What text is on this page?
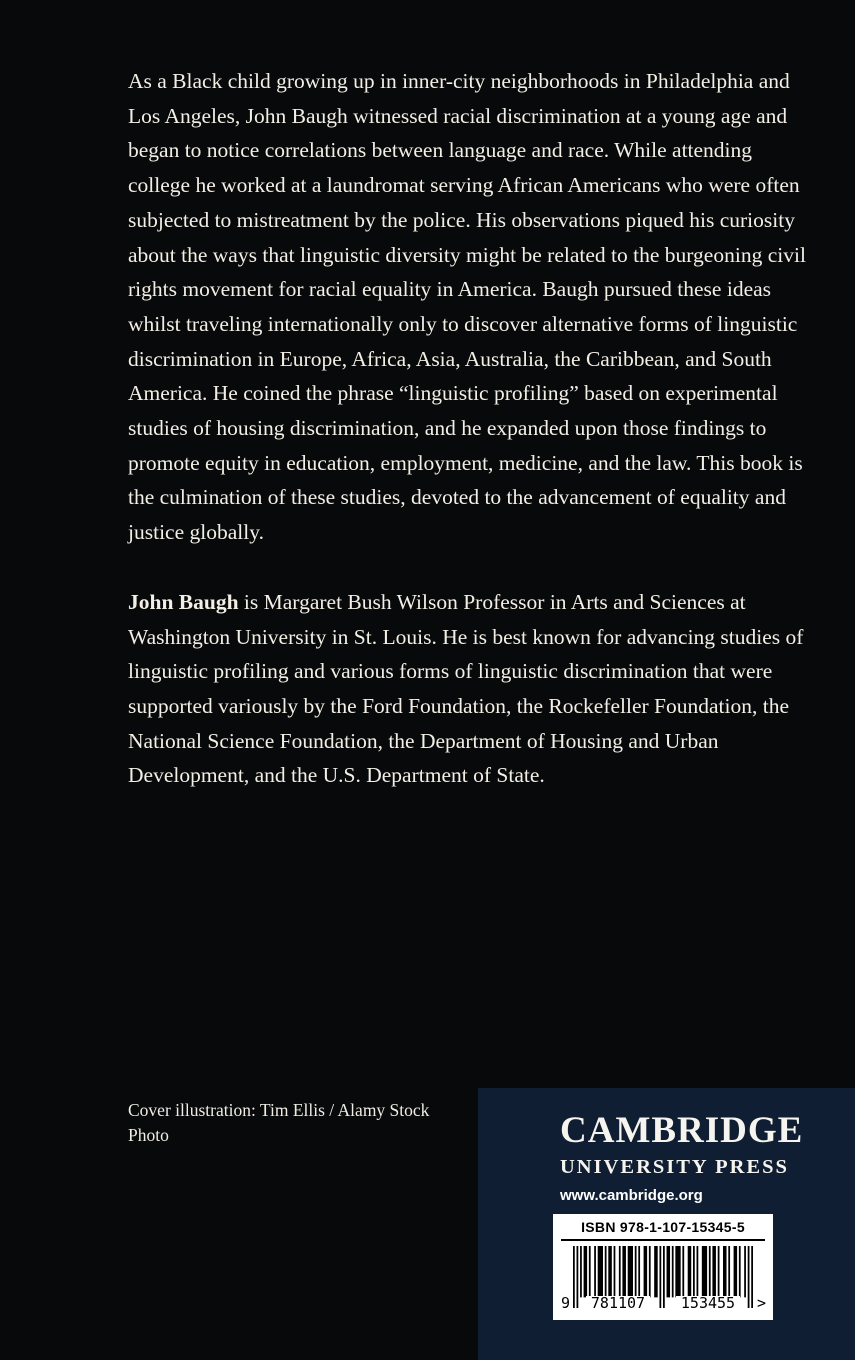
As a Black child growing up in inner-city neighborhoods in Philadelphia and Los Angeles, John Baugh witnessed racial discrimination at a young age and began to notice correlations between language and race. While attending college he worked at a laundromat serving African Americans who were often subjected to mistreatment by the police. His observations piqued his curiosity about the ways that linguistic diversity might be related to the burgeoning civil rights movement for racial equality in America. Baugh pursued these ideas whilst traveling internationally only to discover alternative forms of linguistic discrimination in Europe, Africa, Asia, Australia, the Caribbean, and South America. He coined the phrase “linguistic profiling” based on experimental studies of housing discrimination, and he expanded upon those findings to promote equity in education, employment, medicine, and the law. This book is the culmination of these studies, devoted to the advancement of equality and justice globally.

John Baugh is Margaret Bush Wilson Professor in Arts and Sciences at Washington University in St. Louis. He is best known for advancing studies of linguistic profiling and various forms of linguistic discrimination that were supported variously by the Ford Foundation, the Rockefeller Foundation, the National Science Foundation, the Department of Housing and Urban Development, and the U.S. Department of State.

Cover illustration: Tim Ellis / Alamy Stock Photo	CAMBRIDGE
UNIVERSITY PRESS
www.cambridge.org
ISBN 978-1-107-15345-5
9	781107	153455	>
